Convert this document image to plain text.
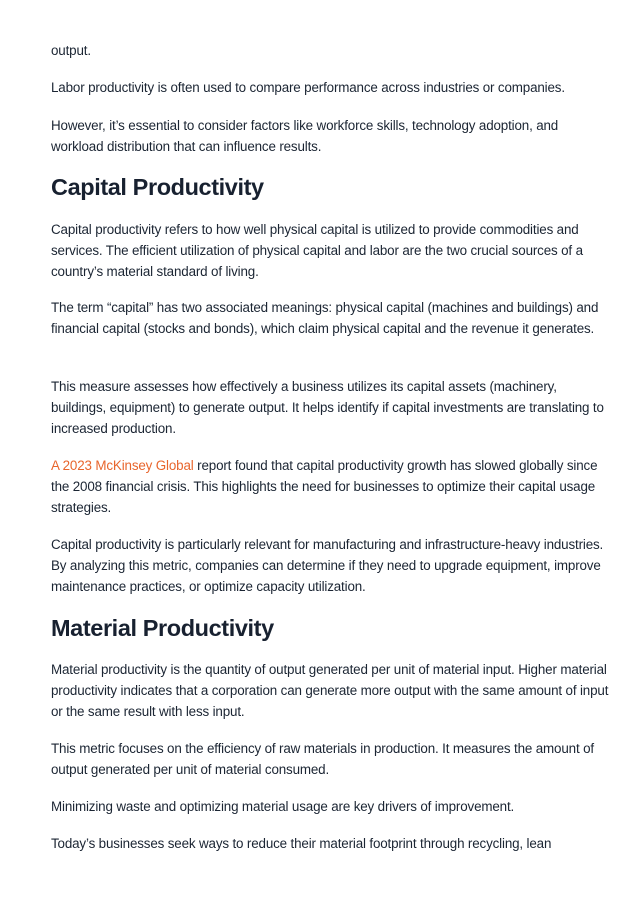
output.

Labor productivity is often used to compare performance across industries or companies.

However, it’s essential to consider factors like workforce skills, technology adoption, and workload distribution that can influence results.

Capital Productivity

Capital productivity refers to how well physical capital is utilized to provide commodities and services. The efficient utilization of physical capital and labor are the two crucial sources of a country’s material standard of living.

The term “capital” has two associated meanings: physical capital (machines and buildings) and financial capital (stocks and bonds), which claim physical capital and the revenue it generates.

This measure assesses how effectively a business utilizes its capital assets (machinery, buildings, equipment) to generate output. It helps identify if capital investments are translating to increased production.

A 2023 McKinsey Global report found that capital productivity growth has slowed globally since the 2008 financial crisis. This highlights the need for businesses to optimize their capital usage strategies.

Capital productivity is particularly relevant for manufacturing and infrastructure-heavy industries. By analyzing this metric, companies can determine if they need to upgrade equipment, improve maintenance practices, or optimize capacity utilization.

Material Productivity

Material productivity is the quantity of output generated per unit of material input. Higher material productivity indicates that a corporation can generate more output with the same amount of input or the same result with less input.

This metric focuses on the efficiency of raw materials in production. It measures the amount of output generated per unit of material consumed.

Minimizing waste and optimizing material usage are key drivers of improvement.

Today’s businesses seek ways to reduce their material footprint through recycling, lean
